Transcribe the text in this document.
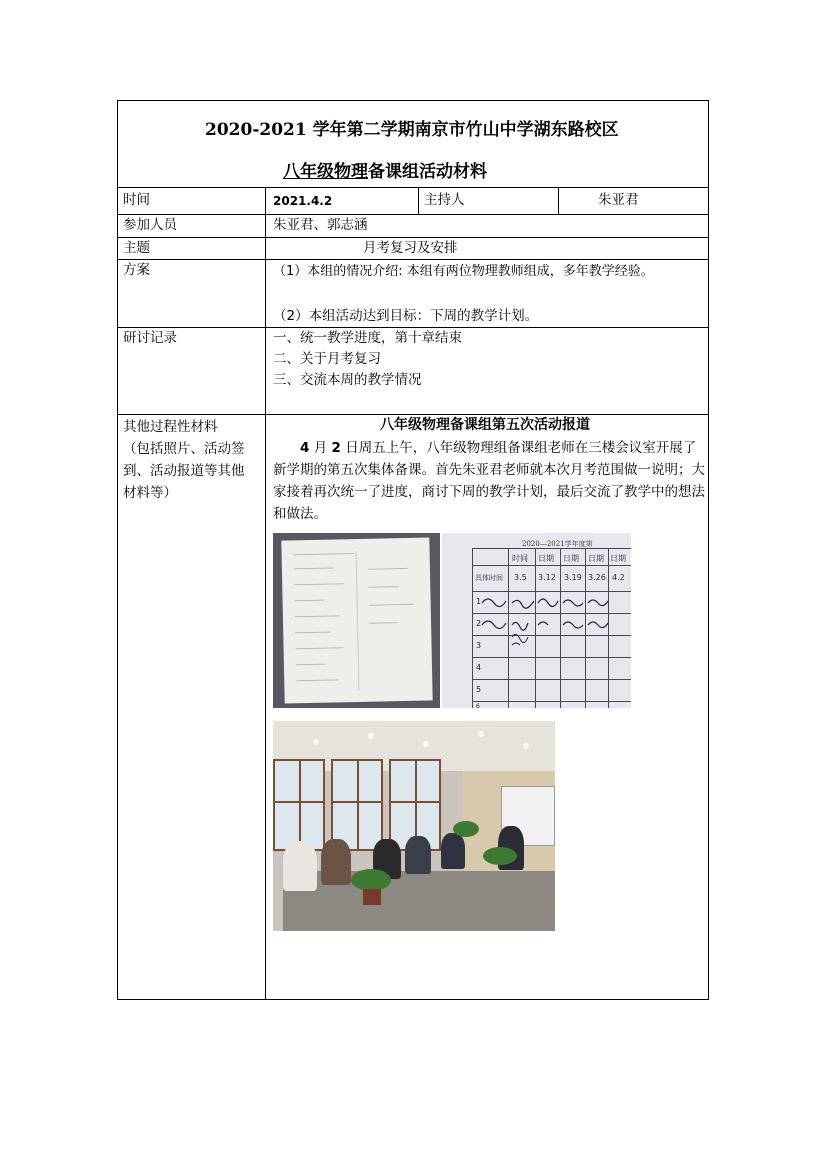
2020-2021 学年第二学期南京市竹山中学湖东路校区
八年级物理备课组活动材料
时间	2021.4.2	主持人	朱亚君
参加人员	朱亚君、郭志涵
主题	月考复习及安排
方案	（1）本组的情况介绍: 本组有两位物理教师组成，多年教学经验。
（2）本组活动达到目标：下周的教学计划。
研讨记录	一、统一教学进度，第十章结束
二、关于月考复习
三、交流本周的教学情况
其他过程性材料
（包括照片、活动签
到、活动报道等其他
材料等）
八年级物理备课组第五次活动报道
4 月 2 日周五上午，八年级物理组备课组老师在三楼会议室开展了新学期的第五次集体备课。首先朱亚君老师就本次月考范围做一说明；大家接着再次统一了进度，商讨下周的教学计划，最后交流了教学中的想法和做法。
2020—2021学年度第
时间 日期 日期 日期 日期
具体时间 3.5 3.12 3.19 3.26 4.2
1
2
3
4
5
6
